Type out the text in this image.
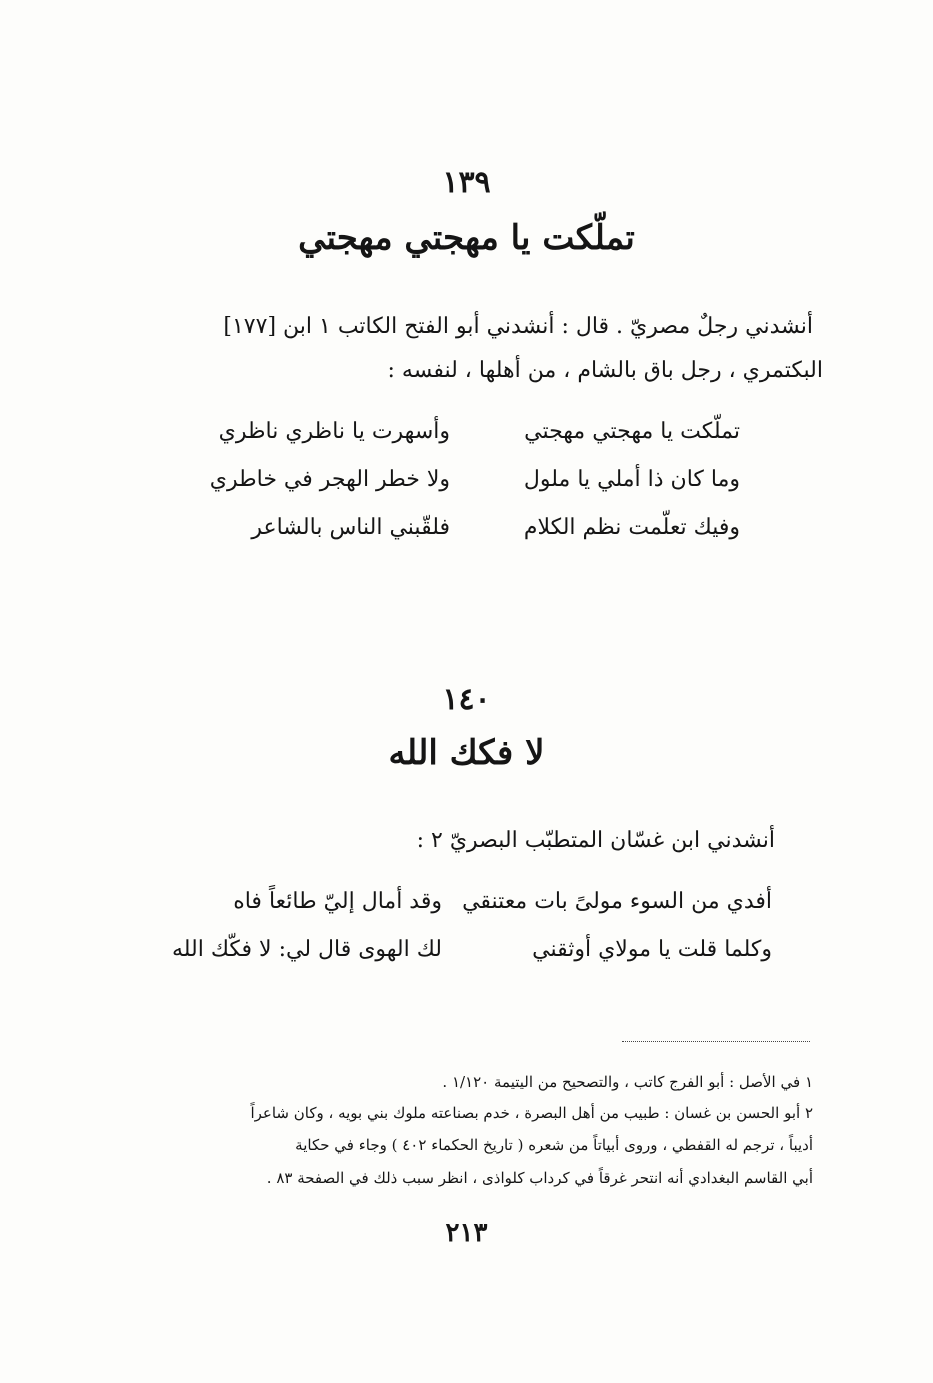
١٣٩
تملّكت يا مهجتي مهجتي
أنشدني رجلٌ مصريّ . قال : أنشدني أبو الفتح الكاتب ١ ابن [١٧٧]
البكتمري ، رجل باق بالشام ، من أهلها ، لنفسه :
تملّكت يا مهجتي مهجتي
وأسهرت يا ناظري ناظري
وما كان ذا أملي يا ملول
ولا خطر الهجر في خاطري
وفيك تعلّمت نظم الكلام
فلقّبني الناس بالشاعر
١٤٠
لا فكك الله
أنشدني ابن غسّان المتطبّب البصريّ ٢ :
أفدي من السوء مولىً بات معتنقي
وقد أمال إليّ طائعاً فاه
وكلما قلت يا مولاي أوثقني
لك الهوى قال لي: لا فكّك الله
١ في الأصل : أبو الفرج كاتب ، والتصحيح من اليتيمة ١/١٢٠ .
٢ أبو الحسن بن غسان : طبيب من أهل البصرة ، خدم بصناعته ملوك بني بويه ، وكان شاعراً
أديباً ، ترجم له القفطي ، وروى أبياتاً من شعره ( تاريخ الحكماء ٤٠٢ ) وجاء في حكاية
أبي القاسم البغدادي أنه انتحر غرقاً في كرداب كلواذى ، انظر سبب ذلك في الصفحة ٨٣ .
٢١٣
